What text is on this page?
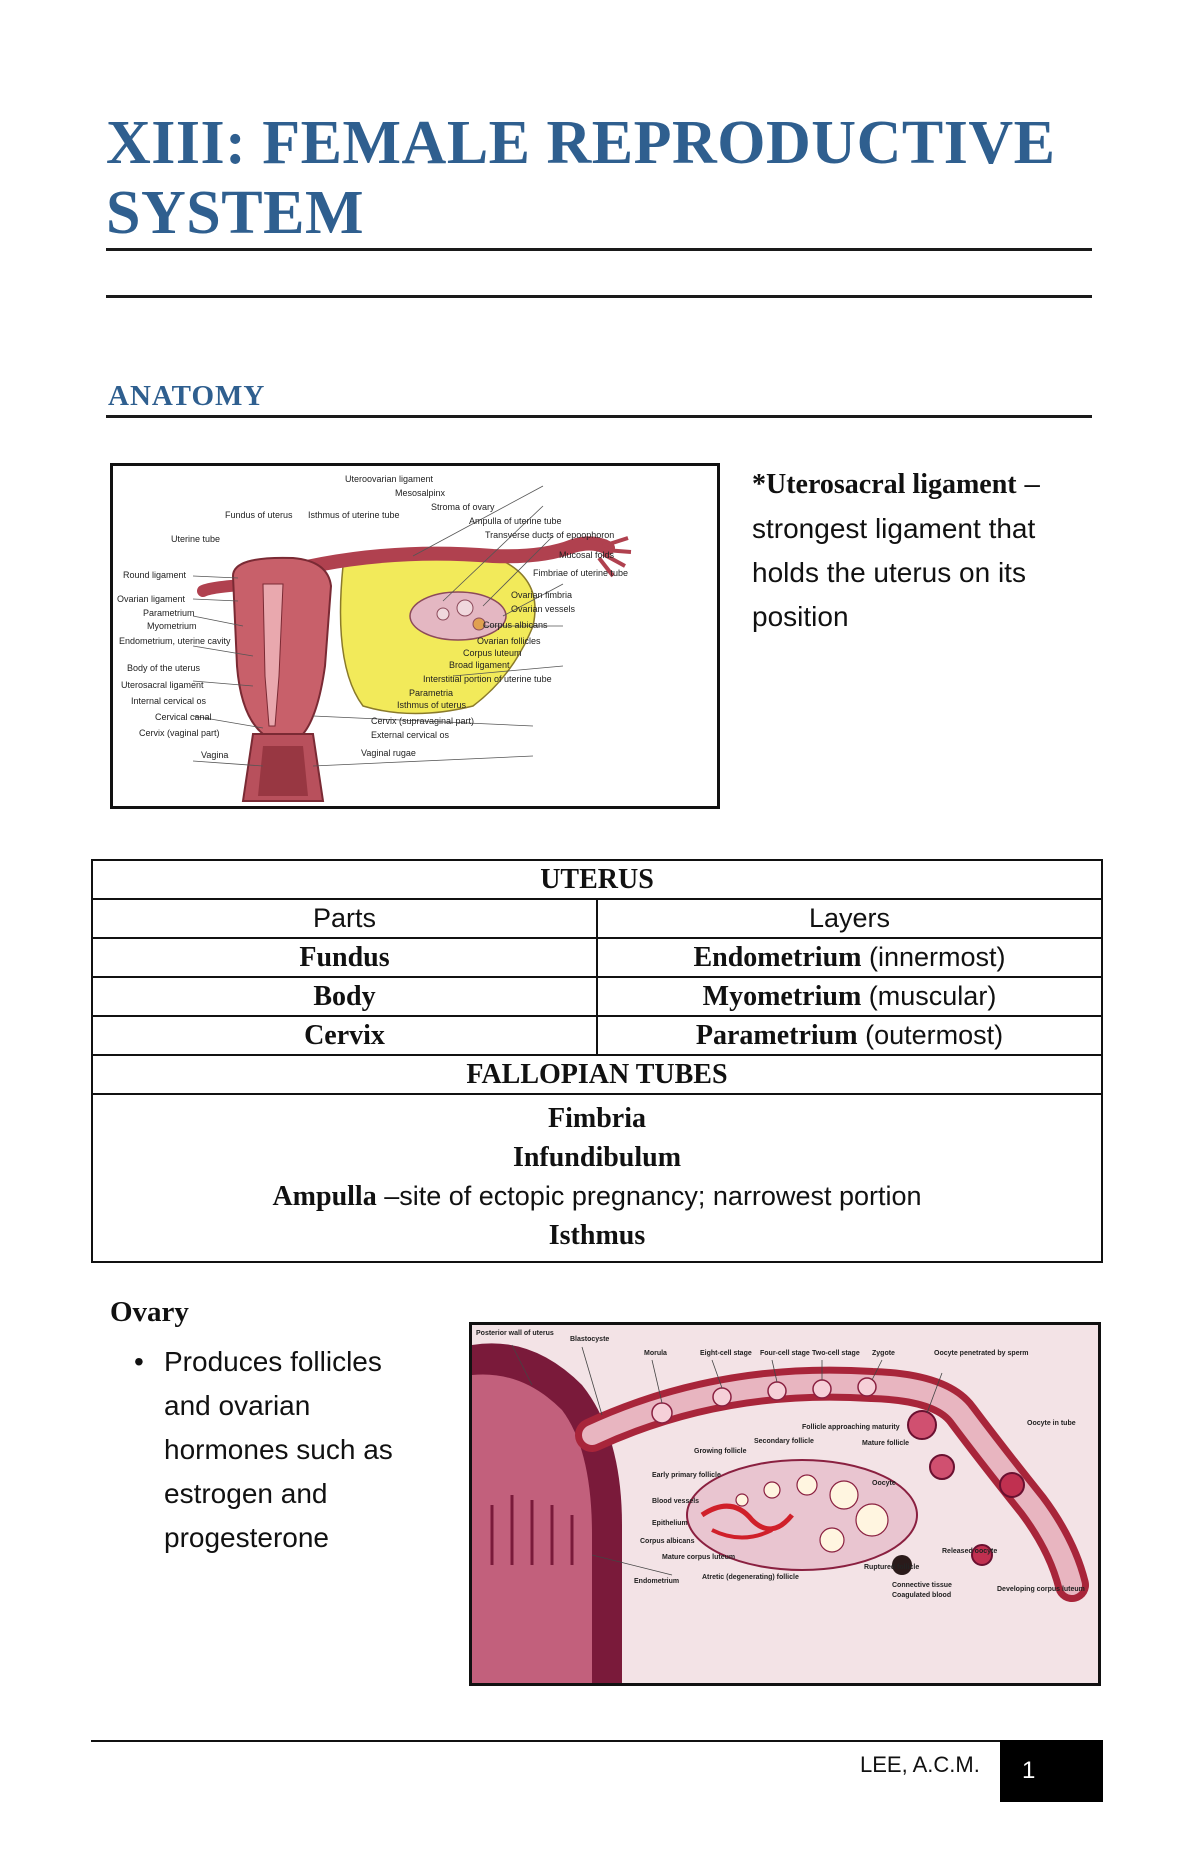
XIII: FEMALE REPRODUCTIVE SYSTEM
ANATOMY
Fundus of uterus Isthmus of uterine tube
Uterine tube
Round ligament
Ovarian ligament
Parametrium
Myometrium
Endometrium, uterine cavity
Body of the uterus
Uterosacral ligament
Internal cervical os
Cervical canal
Cervix (vaginal part)
Vagina
Uteroovarian ligament
Mesosalpinx
Stroma of ovary
Ampulla of uterine tube
Transverse ducts of epoophoron
Mucosal folds
Fimbriae of uterine tube
Ovarian fimbria
Ovarian vessels
Corpus albicans
Ovarian follicles
Corpus luteum
Broad ligament
Interstitial portion of uterine tube
Parametria
Isthmus of uterus
Cervix (supravaginal part)
External cervical os
Vaginal rugae
*Uterosacral ligament – strongest ligament that holds the uterus on its position
UTERUS	
Parts	Layers
Fundus	Endometrium (innermost)
Body	Myometrium (muscular)
Cervix	Parametrium (outermost)
FALLOPIAN TUBES	

Fimbria
Infundibulum
Ampulla –site of ectopic pregnancy; narrowest portion
Isthmus	
Ovary
• Produces follicles and ovarian hormones such as estrogen and progesterone
Posterior wall of uterus
Blastocyste
Morula	Eight-cell stage Four-cell stage Two-cell stage Zygote	Oocyte penetrated by sperm
Oocyte in tube
Growing follicle
Secondary follicle
Follicle approaching maturity
Mature follicle
Early primary follicle
Blood vessels
Oocyte
Epithelium
Corpus albicans
Mature corpus luteum
Atretic (degenerating) follicle
Ruptured follicle
Released oocyte
Connective tissue
Coagulated blood
Developing corpus luteum
Endometrium
LEE, A.C.M.	1
